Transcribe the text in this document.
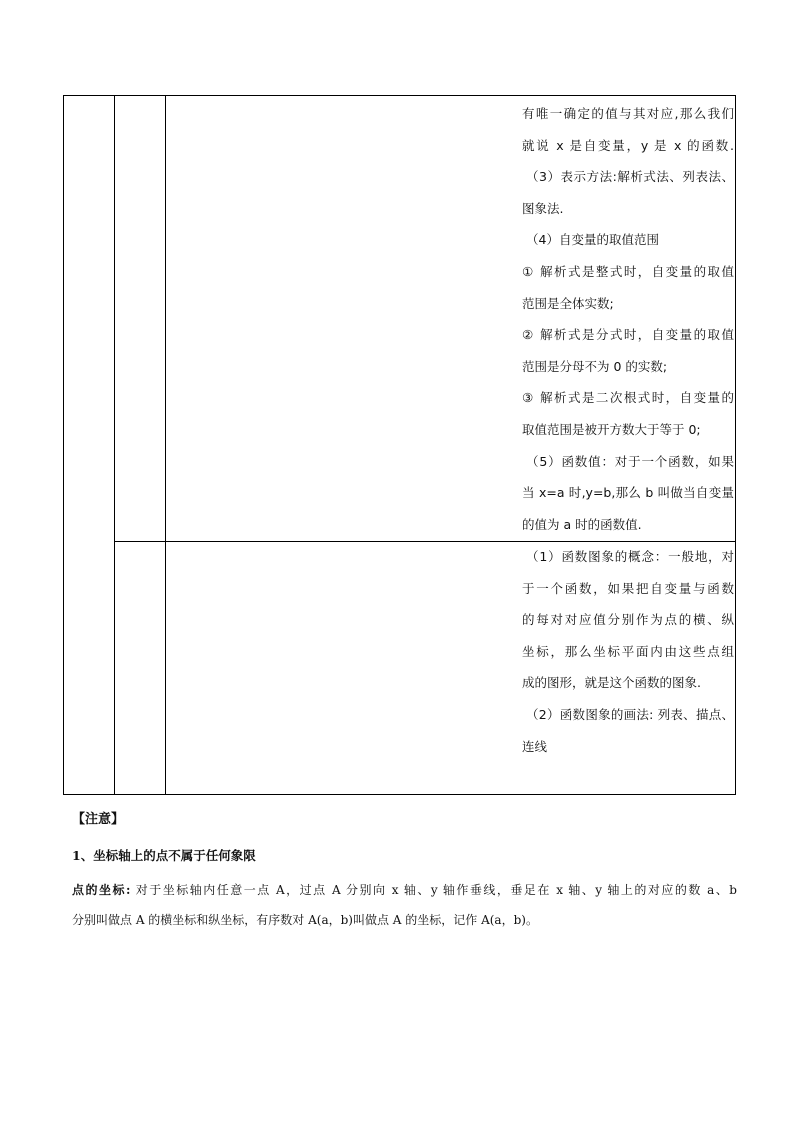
有唯一确定的值与其对应,那么我们

就说 x 是自变量，y 是 x 的函数.

（3）表示方法:解析式法、列表法、

图象法.

（4）自变量的取值范围

① 解析式是整式时，自变量的取值

范围是全体实数;

② 解析式是分式时，自变量的取值

范围是分母不为 0 的实数;

③ 解析式是二次根式时，自变量的

取值范围是被开方数大于等于 0;

（5）函数值：对于一个函数，如果

当 x=a 时,y=b,那么 b 叫做当自变量

的值为 a 时的函数值.

（1）函数图象的概念：一般地，对

于一个函数，如果把自变量与函数

的每对对应值分别作为点的横、纵

坐标，那么坐标平面内由这些点组

成的图形，就是这个函数的图象.

（2）函数图象的画法: 列表、描点、

连线

【注意】
1、坐标轴上的点不属于任何象限

点的坐标: 对于坐标轴内任意一点 A，过点 A 分别向 x 轴、y 轴作垂线，垂足在 x 轴、y 轴上的对应的数 a、b

分别叫做点 A 的横坐标和纵坐标，有序数对 A(a，b)叫做点 A 的坐标，记作 A(a，b)。
